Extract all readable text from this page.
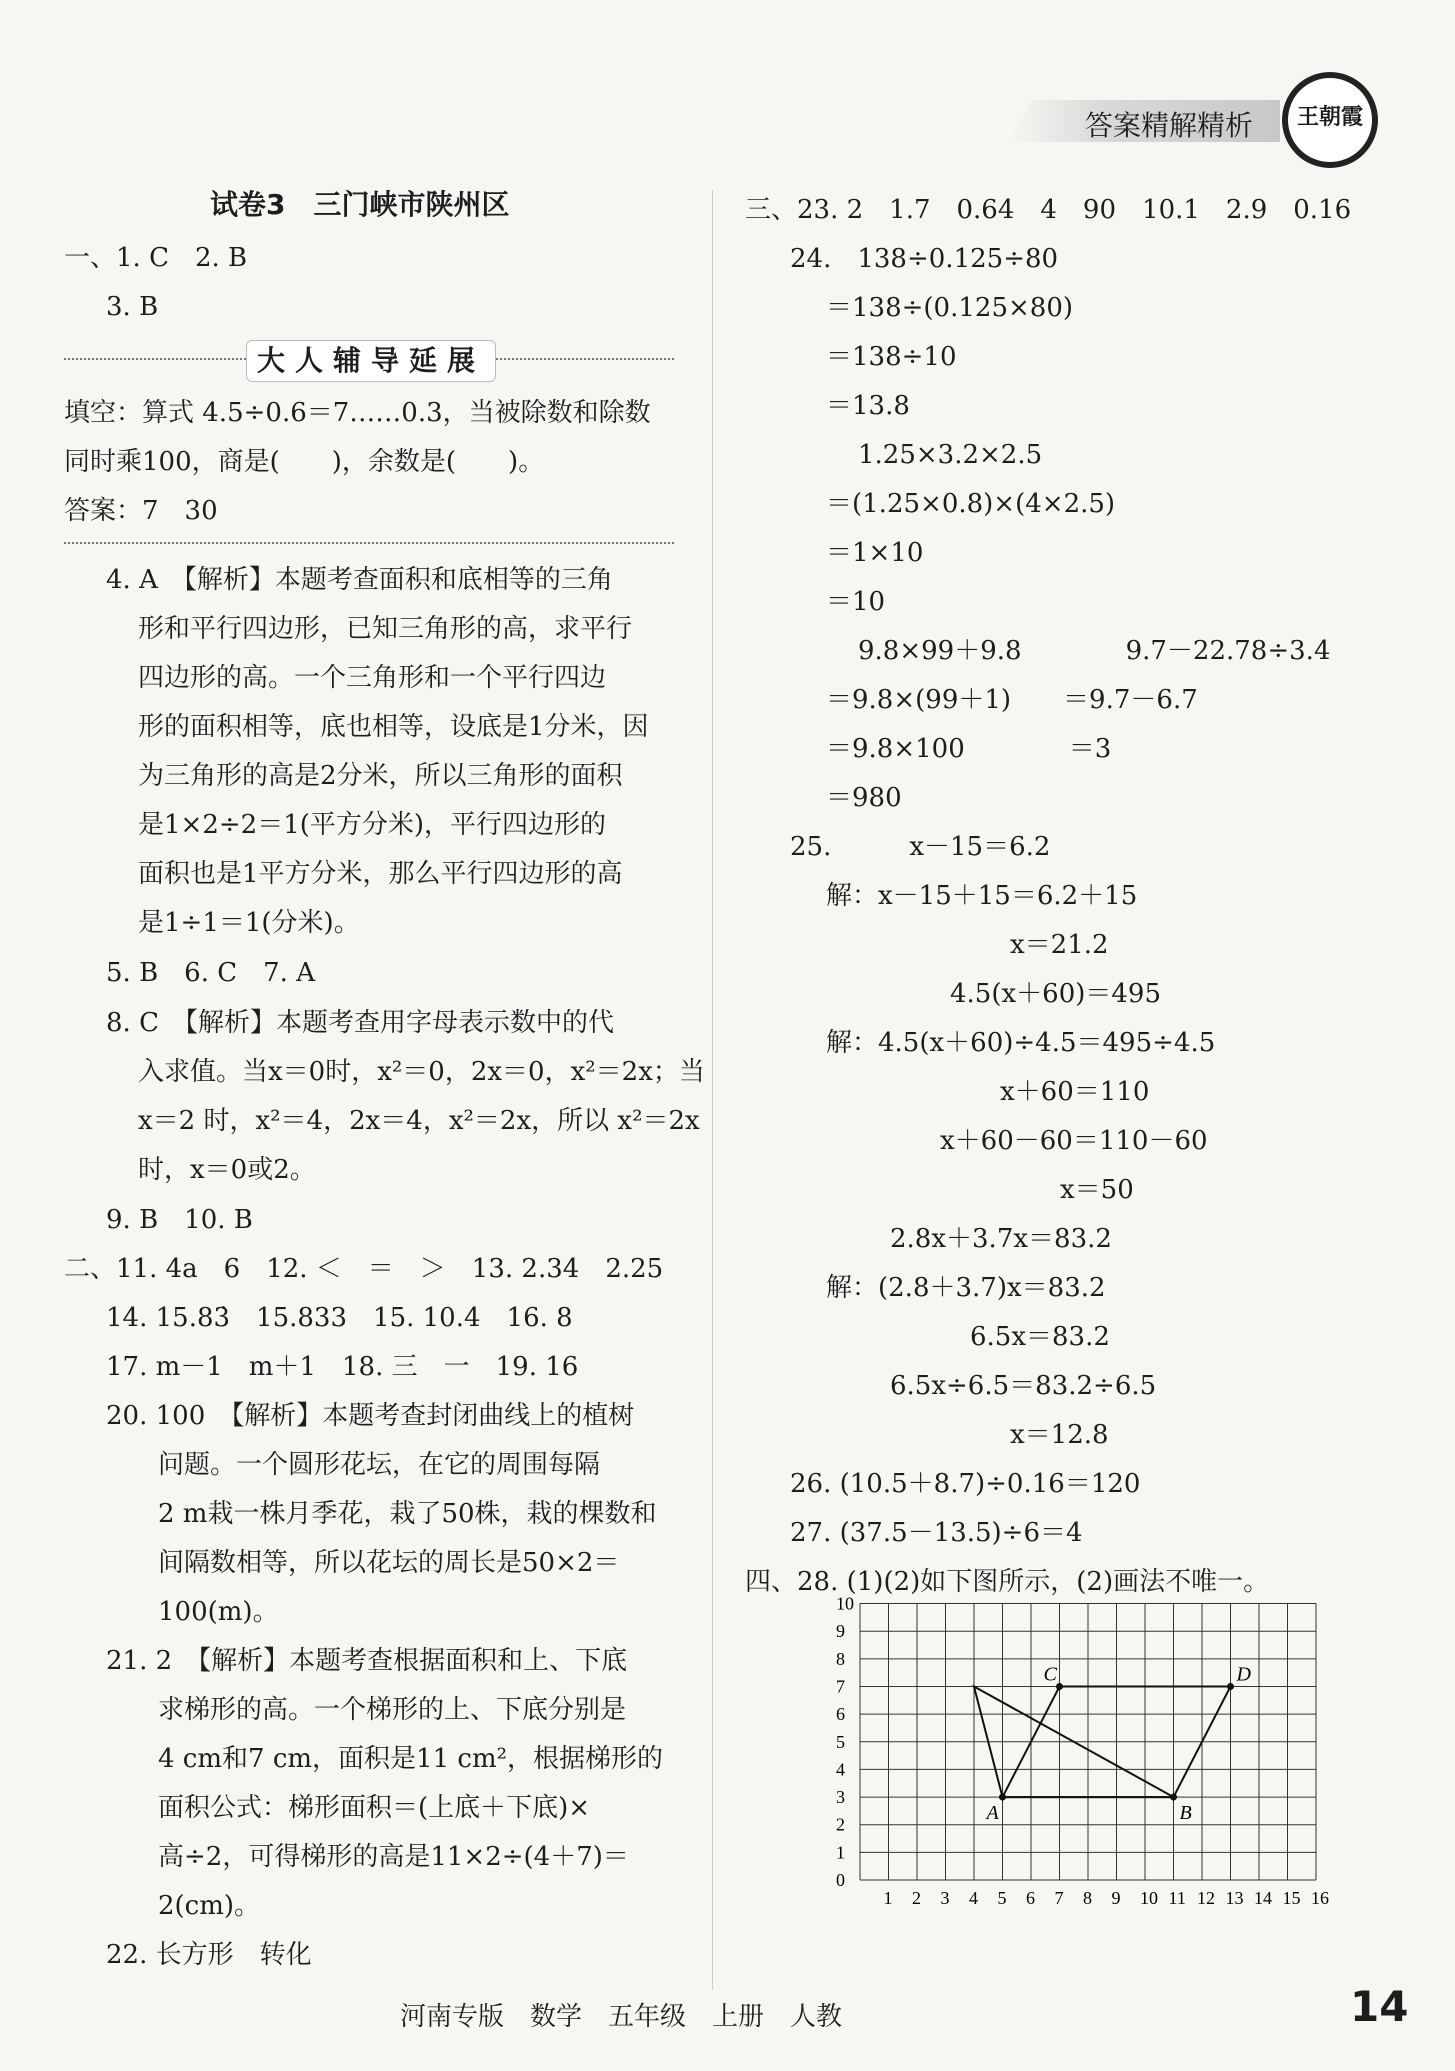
答案精解精析	王朝霞
试卷3　三门峡市陕州区
一、1. C　2. B
3. B
大人辅导延展
填空：算式 4.5÷0.6＝7……0.3，当被除数和除数
同时乘100，商是(　　)，余数是(　　)。
答案：7　30
4. A　【解析】本题考查面积和底相等的三角
形和平行四边形，已知三角形的高，求平行
四边形的高。一个三角形和一个平行四边
形的面积相等，底也相等，设底是1分米，因
为三角形的高是2分米，所以三角形的面积
是1×2÷2＝1(平方分米)，平行四边形的
面积也是1平方分米，那么平行四边形的高
是1÷1＝1(分米)。
5. B　6. C　7. A
8. C　【解析】本题考查用字母表示数中的代
入求值。当x＝0时，x²＝0，2x＝0，x²＝2x；当
x＝2 时，x²＝4，2x＝4，x²＝2x，所以 x²＝2x
时，x＝0或2。
9. B　10. B
二、11. 4a　6　12. ＜　＝　＞　13. 2.34　2.25
14. 15.83̇　15.833　15. 10.4　16. 8
17. m－1　m＋1　18. 三　一　19. 16
20. 100　【解析】本题考查封闭曲线上的植树
问题。一个圆形花坛，在它的周围每隔
2 m栽一株月季花，栽了50株，栽的棵数和
间隔数相等，所以花坛的周长是50×2＝
100(m)。
21. 2　【解析】本题考查根据面积和上、下底
求梯形的高。一个梯形的上、下底分别是
4 cm和7 cm，面积是11 cm²，根据梯形的
面积公式：梯形面积＝(上底＋下底)×
高÷2，可得梯形的高是11×2÷(4＋7)＝
2(cm)。
22. 长方形　转化
三、23. 2　1.7　0.64　4　90　10.1　2.9　0.16
24.　138÷0.125÷80
＝138÷(0.125×80)
＝138÷10
＝13.8
1.25×3.2×2.5
＝(1.25×0.8)×(4×2.5)
＝1×10
＝10
9.8×99＋9.8　　　　9.7－22.78÷3.4
＝9.8×(99＋1)　　＝9.7－6.7
＝9.8×100　　　　＝3
＝980
25.　　　x－15＝6.2
解：x－15＋15＝6.2＋15
x＝21.2
4.5(x＋60)＝495
解：4.5(x＋60)÷4.5＝495÷4.5
x＋60＝110
x＋60－60＝110－60
x＝50
2.8x＋3.7x＝83.2
解：(2.8＋3.7)x＝83.2
6.5x＝83.2
6.5x÷6.5＝83.2÷6.5
x＝12.8
26. (10.5＋8.7)÷0.16＝120
27. (37.5－13.5)÷6＝4
四、28. (1)(2)如下图所示，(2)画法不唯一。
1 2 3 4 5 6 7 8 9 10 11 12 13 14 15 16
0
1
2
3
4
5
6
7
8
9
10
A	B
C	D
河南专版　数学　五年级　上册　人教	14
